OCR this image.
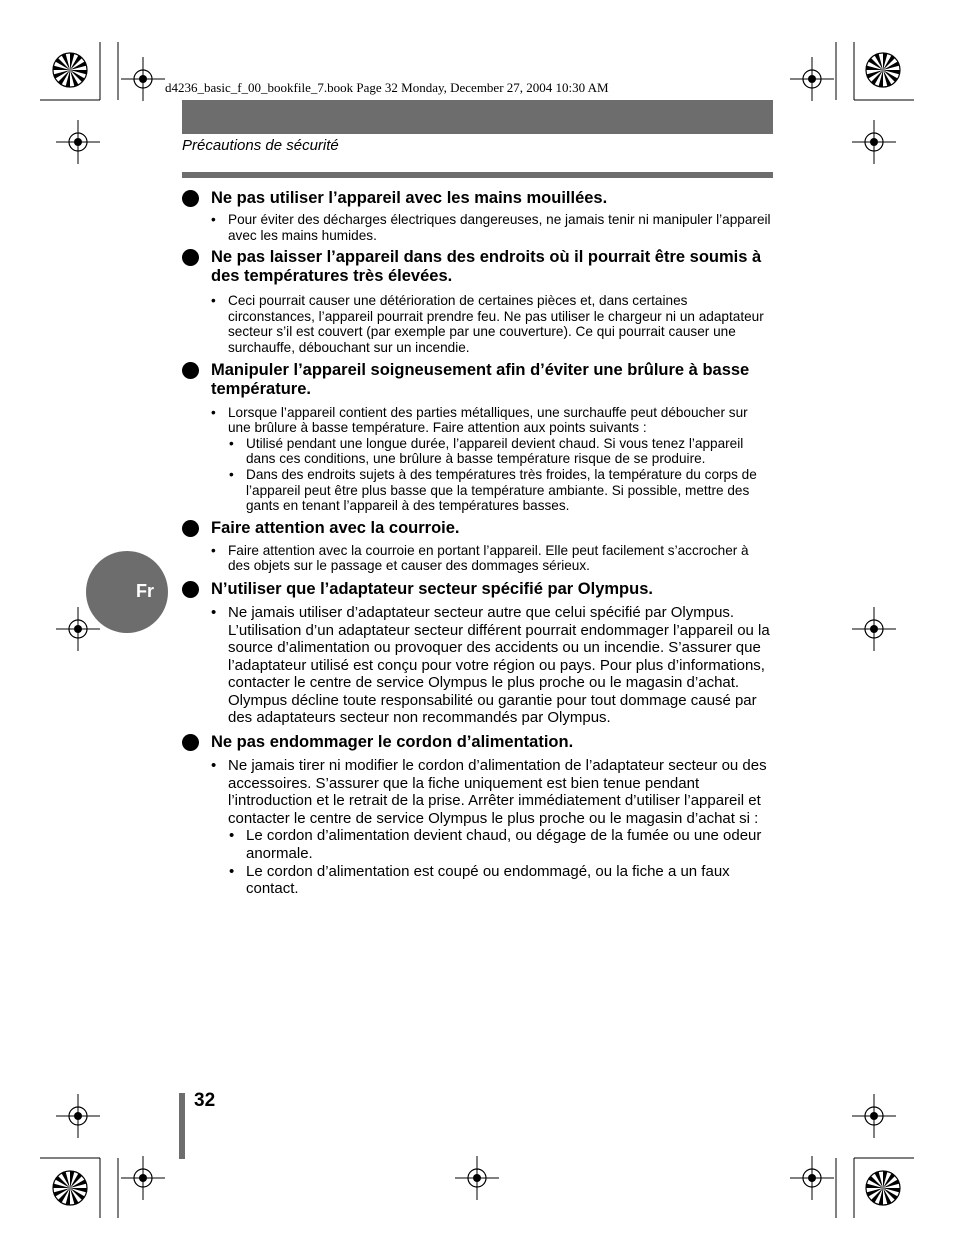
d4236_basic_f_00_bookfile_7.book Page 32 Monday, December 27, 2004 10:30 AM
Précautions de sécurité
Fr
Ne pas utiliser l’appareil avec les mains mouillées.
• Pour éviter des décharges électriques dangereuses, ne jamais tenir ni manipuler l’appareil avec les mains humides.
Ne pas laisser l’appareil dans des endroits où il pourrait être soumis à des températures très élevées.
• Ceci pourrait causer une détérioration de certaines pièces et, dans certaines circonstances, l’appareil pourrait prendre feu. Ne pas utiliser le chargeur ni un adaptateur secteur s’il est couvert (par exemple par une couverture). Ce qui pourrait causer une surchauffe, débouchant sur un incendie.
Manipuler l’appareil soigneusement afin d’éviter une brûlure à basse température.
• Lorsque l’appareil contient des parties métalliques, une surchauffe peut déboucher sur une brûlure à basse température. Faire attention aux points suivants :
• Utilisé pendant une longue durée, l’appareil devient chaud. Si vous tenez l’appareil dans ces conditions, une brûlure à basse température risque de se produire.
• Dans des endroits sujets à des températures très froides, la température du corps de l’appareil peut être plus basse que la température ambiante. Si possible, mettre des gants en tenant l’appareil à des températures basses.
Faire attention avec la courroie.
• Faire attention avec la courroie en portant l’appareil. Elle peut facilement s’accrocher à des objets sur le passage et causer des dommages sérieux.
N’utiliser que l’adaptateur secteur spécifié par Olympus.
• Ne jamais utiliser d’adaptateur secteur autre que celui spécifié par Olympus. L’utilisation d’un adaptateur secteur différent pourrait endommager l’appareil ou la source d’alimentation ou provoquer des accidents ou un incendie. S’assurer que l’adaptateur utilisé est conçu pour votre région ou pays. Pour plus d’informations, contacter le centre de service Olympus le plus proche ou le magasin d’achat. Olympus décline toute responsabilité ou garantie pour tout dommage causé par des adaptateurs secteur non recommandés par Olympus.
Ne pas endommager le cordon d’alimentation.
• Ne jamais tirer ni modifier le cordon d’alimentation de l’adaptateur secteur ou des accessoires. S’assurer que la fiche uniquement est bien tenue pendant l’introduction et le retrait de la prise. Arrêter immédiatement d’utiliser l’appareil et contacter le centre de service Olympus le plus proche ou le magasin d’achat si :
• Le cordon d’alimentation devient chaud, ou dégage de la fumée ou une odeur anormale.
• Le cordon d’alimentation est coupé ou endommagé, ou la fiche a un faux contact.
32
